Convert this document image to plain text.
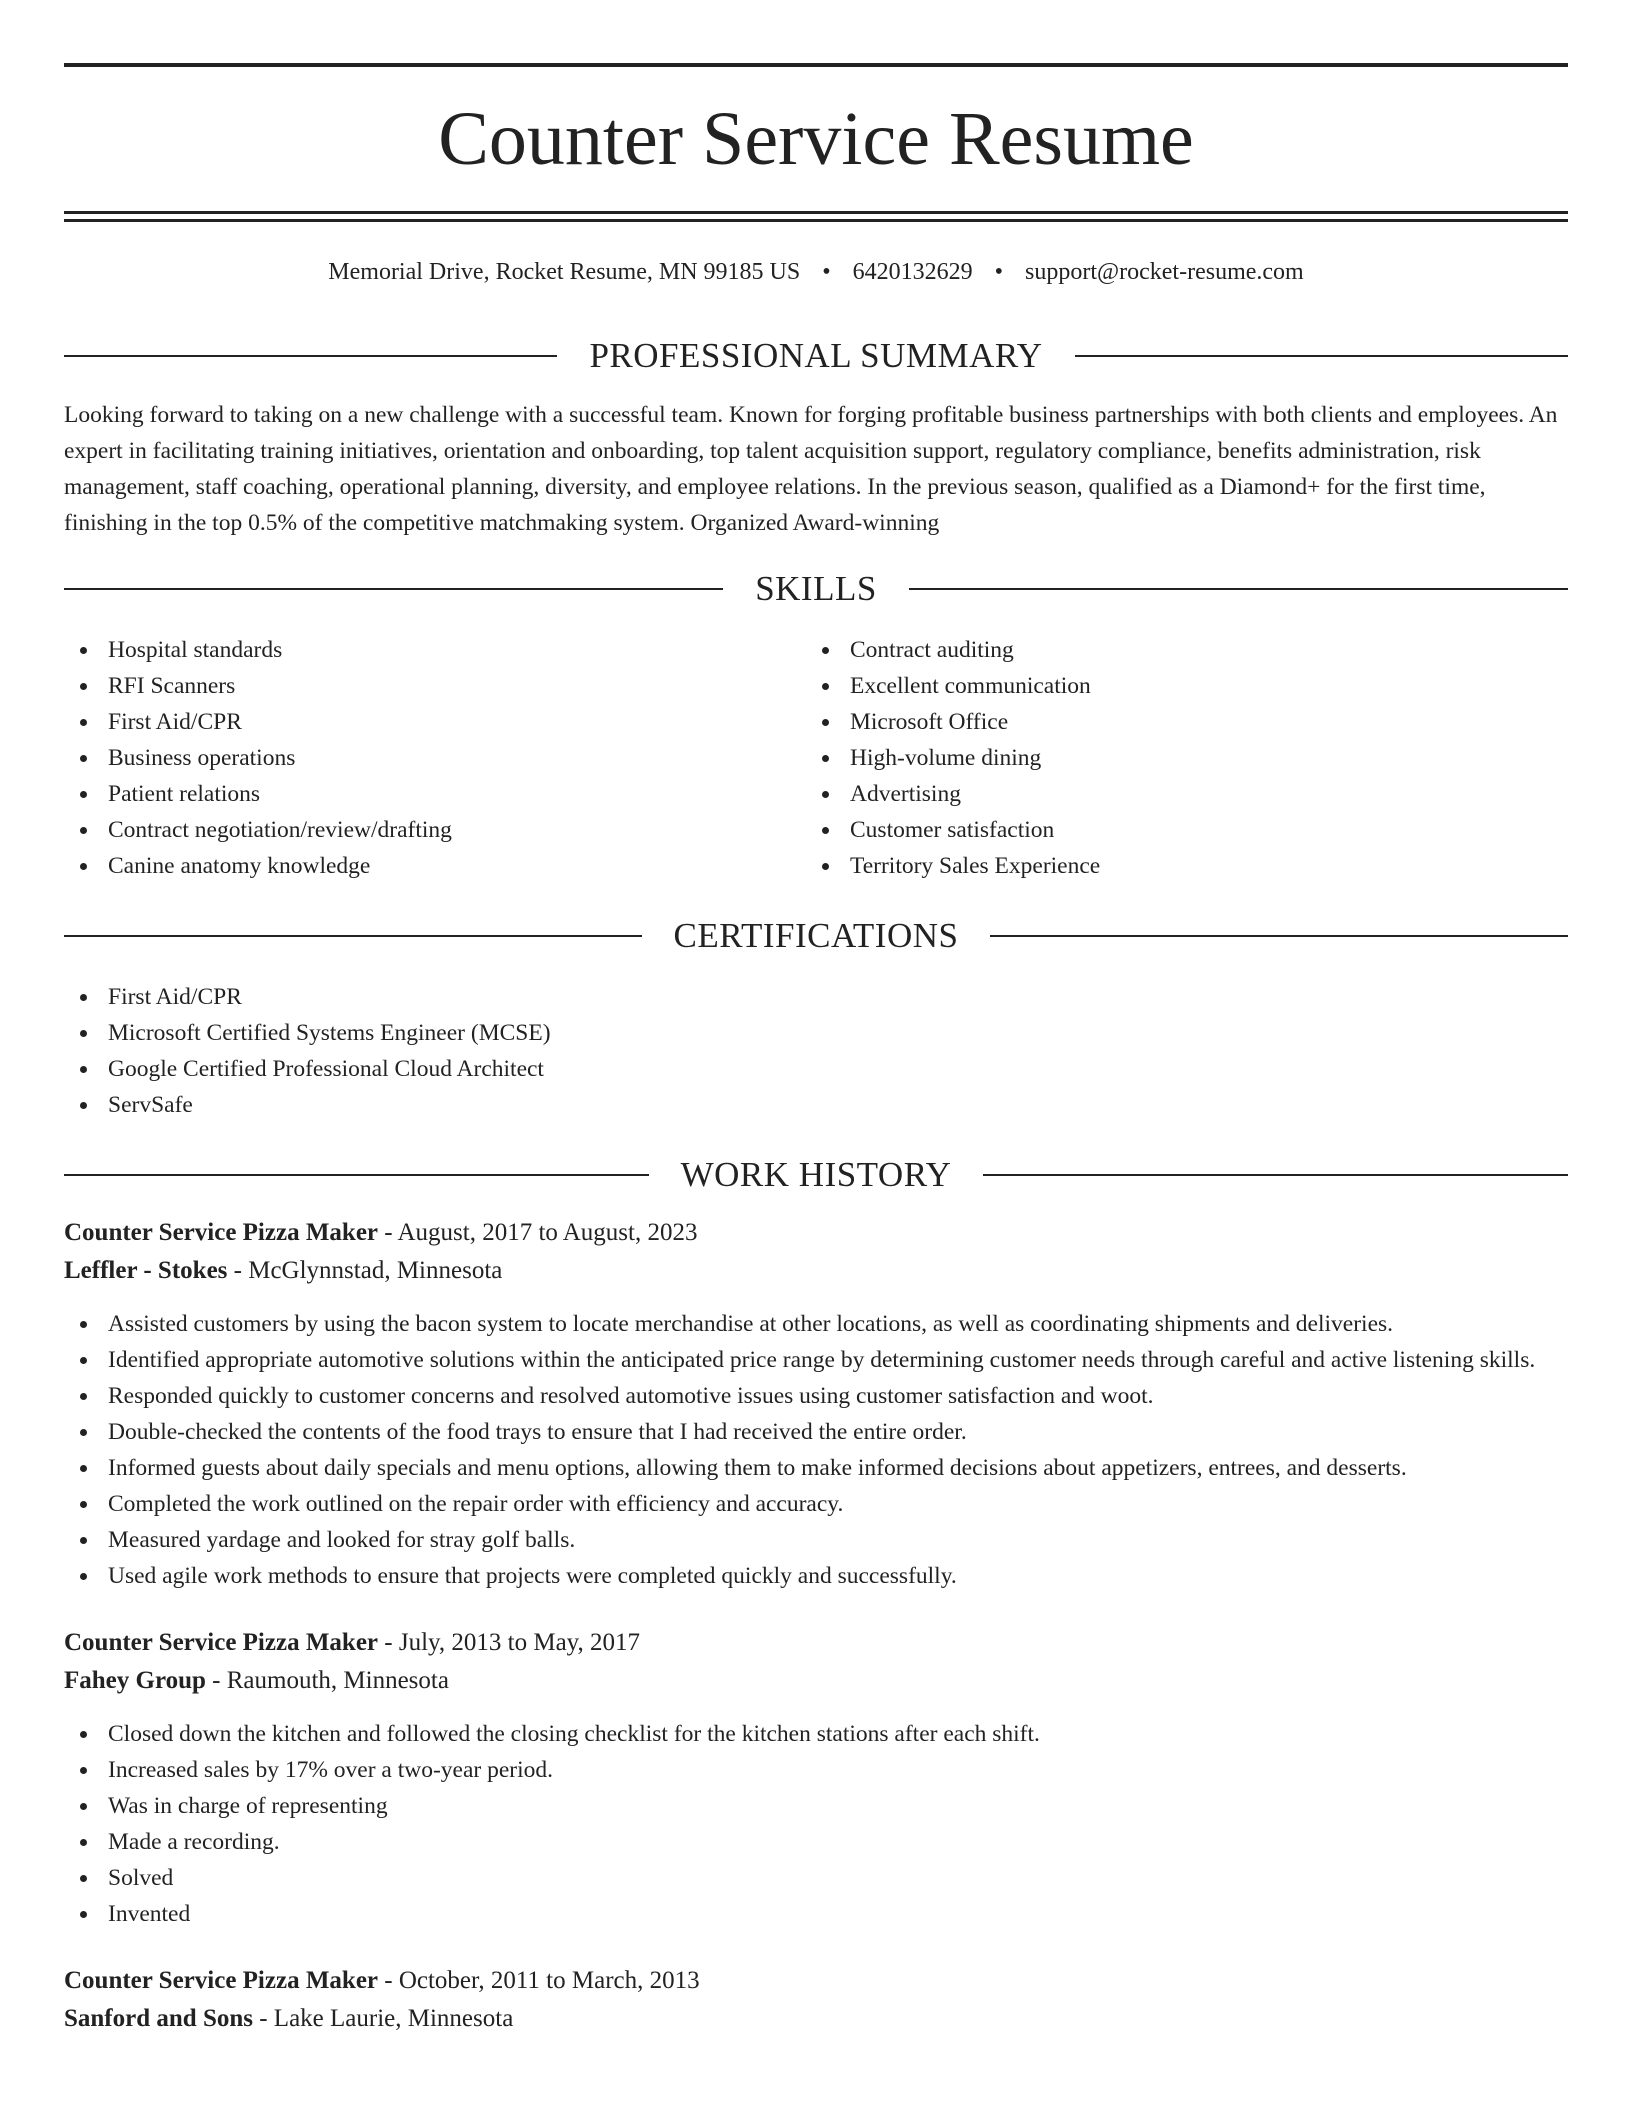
Counter Service Resume
Memorial Drive, Rocket Resume, MN 99185 US • 6420132629 • support@rocket-resume.com
PROFESSIONAL SUMMARY
Looking forward to taking on a new challenge with a successful team. Known for forging profitable business partnerships with both clients and employees. An expert in facilitating training initiatives, orientation and onboarding, top talent acquisition support, regulatory compliance, benefits administration, risk management, staff coaching, operational planning, diversity, and employee relations. In the previous season, qualified as a Diamond+ for the first time, finishing in the top 0.5% of the competitive matchmaking system. Organized Award-winning
SKILLS
Hospital standards
RFI Scanners
First Aid/CPR
Business operations
Patient relations
Contract negotiation/review/drafting
Canine anatomy knowledge
Contract auditing
Excellent communication
Microsoft Office
High-volume dining
Advertising
Customer satisfaction
Territory Sales Experience
CERTIFICATIONS
First Aid/CPR
Microsoft Certified Systems Engineer (MCSE)
Google Certified Professional Cloud Architect
ServSafe
WORK HISTORY
Counter Service Pizza Maker - August, 2017 to August, 2023
Leffler - Stokes - McGlynnstad, Minnesota
Assisted customers by using the bacon system to locate merchandise at other locations, as well as coordinating shipments and deliveries.
Identified appropriate automotive solutions within the anticipated price range by determining customer needs through careful and active listening skills.
Responded quickly to customer concerns and resolved automotive issues using customer satisfaction and woot.
Double-checked the contents of the food trays to ensure that I had received the entire order.
Informed guests about daily specials and menu options, allowing them to make informed decisions about appetizers, entrees, and desserts.
Completed the work outlined on the repair order with efficiency and accuracy.
Measured yardage and looked for stray golf balls.
Used agile work methods to ensure that projects were completed quickly and successfully.
Counter Service Pizza Maker - July, 2013 to May, 2017
Fahey Group - Raumouth, Minnesota
Closed down the kitchen and followed the closing checklist for the kitchen stations after each shift.
Increased sales by 17% over a two-year period.
Was in charge of representing
Made a recording.
Solved
Invented
Counter Service Pizza Maker - October, 2011 to March, 2013
Sanford and Sons - Lake Laurie, Minnesota
